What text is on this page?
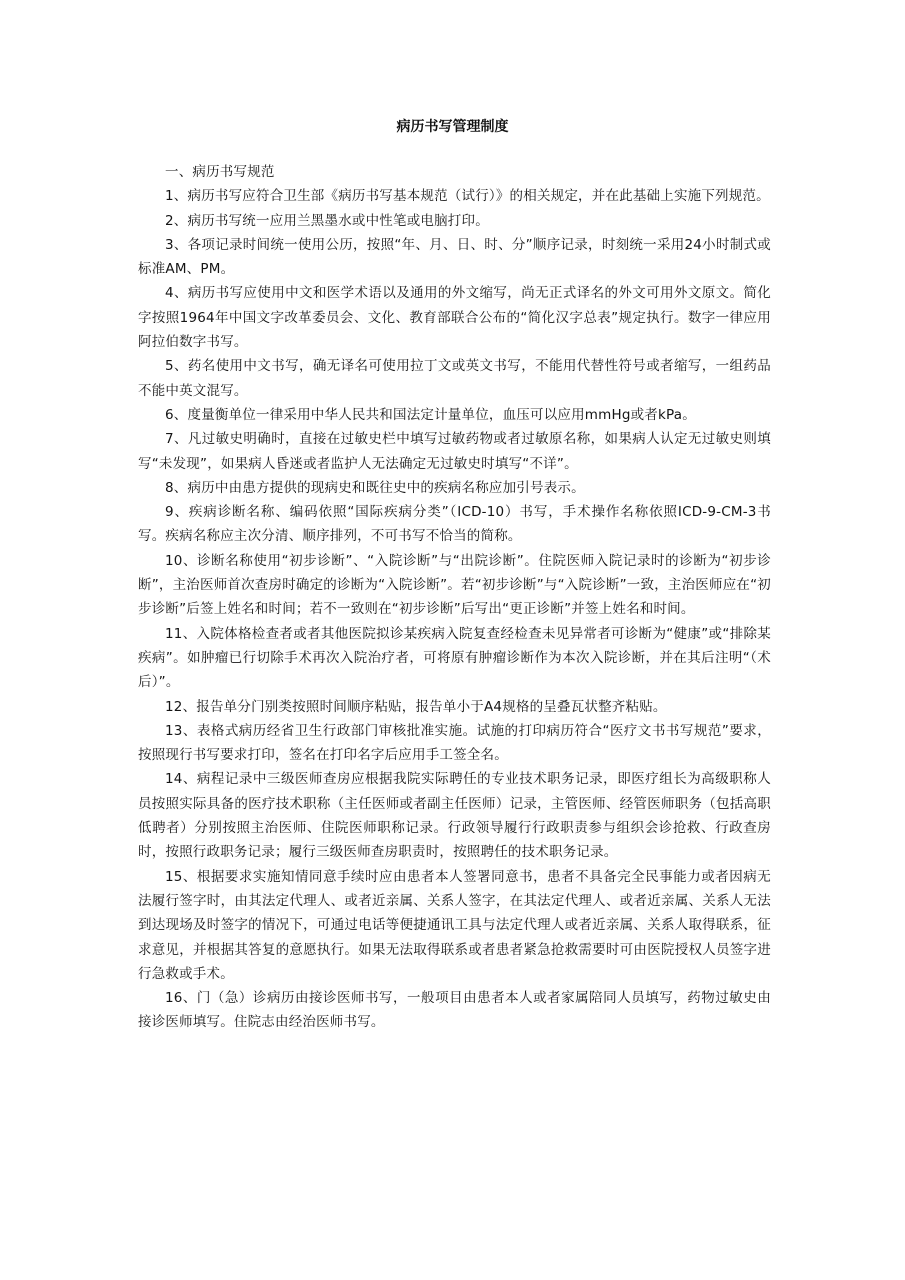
病历书写管理制度

一、病历书写规范

1、病历书写应符合卫生部《病历书写基本规范（试行）》的相关规定，并在此基础上实施下列规范。

2、病历书写统一应用兰黑墨水或中性笔或电脑打印。

3、各项记录时间统一使用公历，按照“年、月、日、时、分”顺序记录，时刻统一采用24小时制式或标准AM、PM。

4、病历书写应使用中文和医学术语以及通用的外文缩写，尚无正式译名的外文可用外文原文。简化字按照1964年中国文字改革委员会、文化、教育部联合公布的“简化汉字总表”规定执行。数字一律应用阿拉伯数字书写。

5、药名使用中文书写，确无译名可使用拉丁文或英文书写，不能用代替性符号或者缩写，一组药品不能中英文混写。

6、度量衡单位一律采用中华人民共和国法定计量单位，血压可以应用mmHg或者kPa。

7、凡过敏史明确时，直接在过敏史栏中填写过敏药物或者过敏原名称，如果病人认定无过敏史则填写“未发现”，如果病人昏迷或者监护人无法确定无过敏史时填写“不详”。

8、病历中由患方提供的现病史和既往史中的疾病名称应加引号表示。

9、疾病诊断名称、编码依照“国际疾病分类”（ICD-10）书写，手术操作名称依照ICD-9-CM-3书写。疾病名称应主次分清、顺序排列，不可书写不恰当的简称。

10、诊断名称使用“初步诊断”、“入院诊断”与“出院诊断”。住院医师入院记录时的诊断为“初步诊断”，主治医师首次查房时确定的诊断为“入院诊断”。若“初步诊断”与“入院诊断”一致，主治医师应在“初步诊断”后签上姓名和时间；若不一致则在“初步诊断”后写出“更正诊断”并签上姓名和时间。

11、入院体格检查者或者其他医院拟诊某疾病入院复查经检查未见异常者可诊断为“健康”或“排除某疾病”。如肿瘤已行切除手术再次入院治疗者，可将原有肿瘤诊断作为本次入院诊断，并在其后注明“（术后）”。

12、报告单分门别类按照时间顺序粘贴，报告单小于A4规格的呈叠瓦状整齐粘贴。

13、表格式病历经省卫生行政部门审核批准实施。试施的打印病历符合“医疗文书书写规范”要求，按照现行书写要求打印，签名在打印名字后应用手工签全名。

14、病程记录中三级医师查房应根据我院实际聘任的专业技术职务记录，即医疗组长为高级职称人员按照实际具备的医疗技术职称（主任医师或者副主任医师）记录，主管医师、经管医师职务（包括高职低聘者）分别按照主治医师、住院医师职称记录。行政领导履行行政职责参与组织会诊抢救、行政查房时，按照行政职务记录；履行三级医师查房职责时，按照聘任的技术职务记录。

15、根据要求实施知情同意手续时应由患者本人签署同意书，患者不具备完全民事能力或者因病无法履行签字时，由其法定代理人、或者近亲属、关系人签字，在其法定代理人、或者近亲属、关系人无法到达现场及时签字的情况下，可通过电话等便捷通讯工具与法定代理人或者近亲属、关系人取得联系，征求意见，并根据其答复的意愿执行。如果无法取得联系或者患者紧急抢救需要时可由医院授权人员签字进行急救或手术。

16、门（急）诊病历由接诊医师书写，一般项目由患者本人或者家属陪同人员填写，药物过敏史由接诊医师填写。住院志由经治医师书写。
